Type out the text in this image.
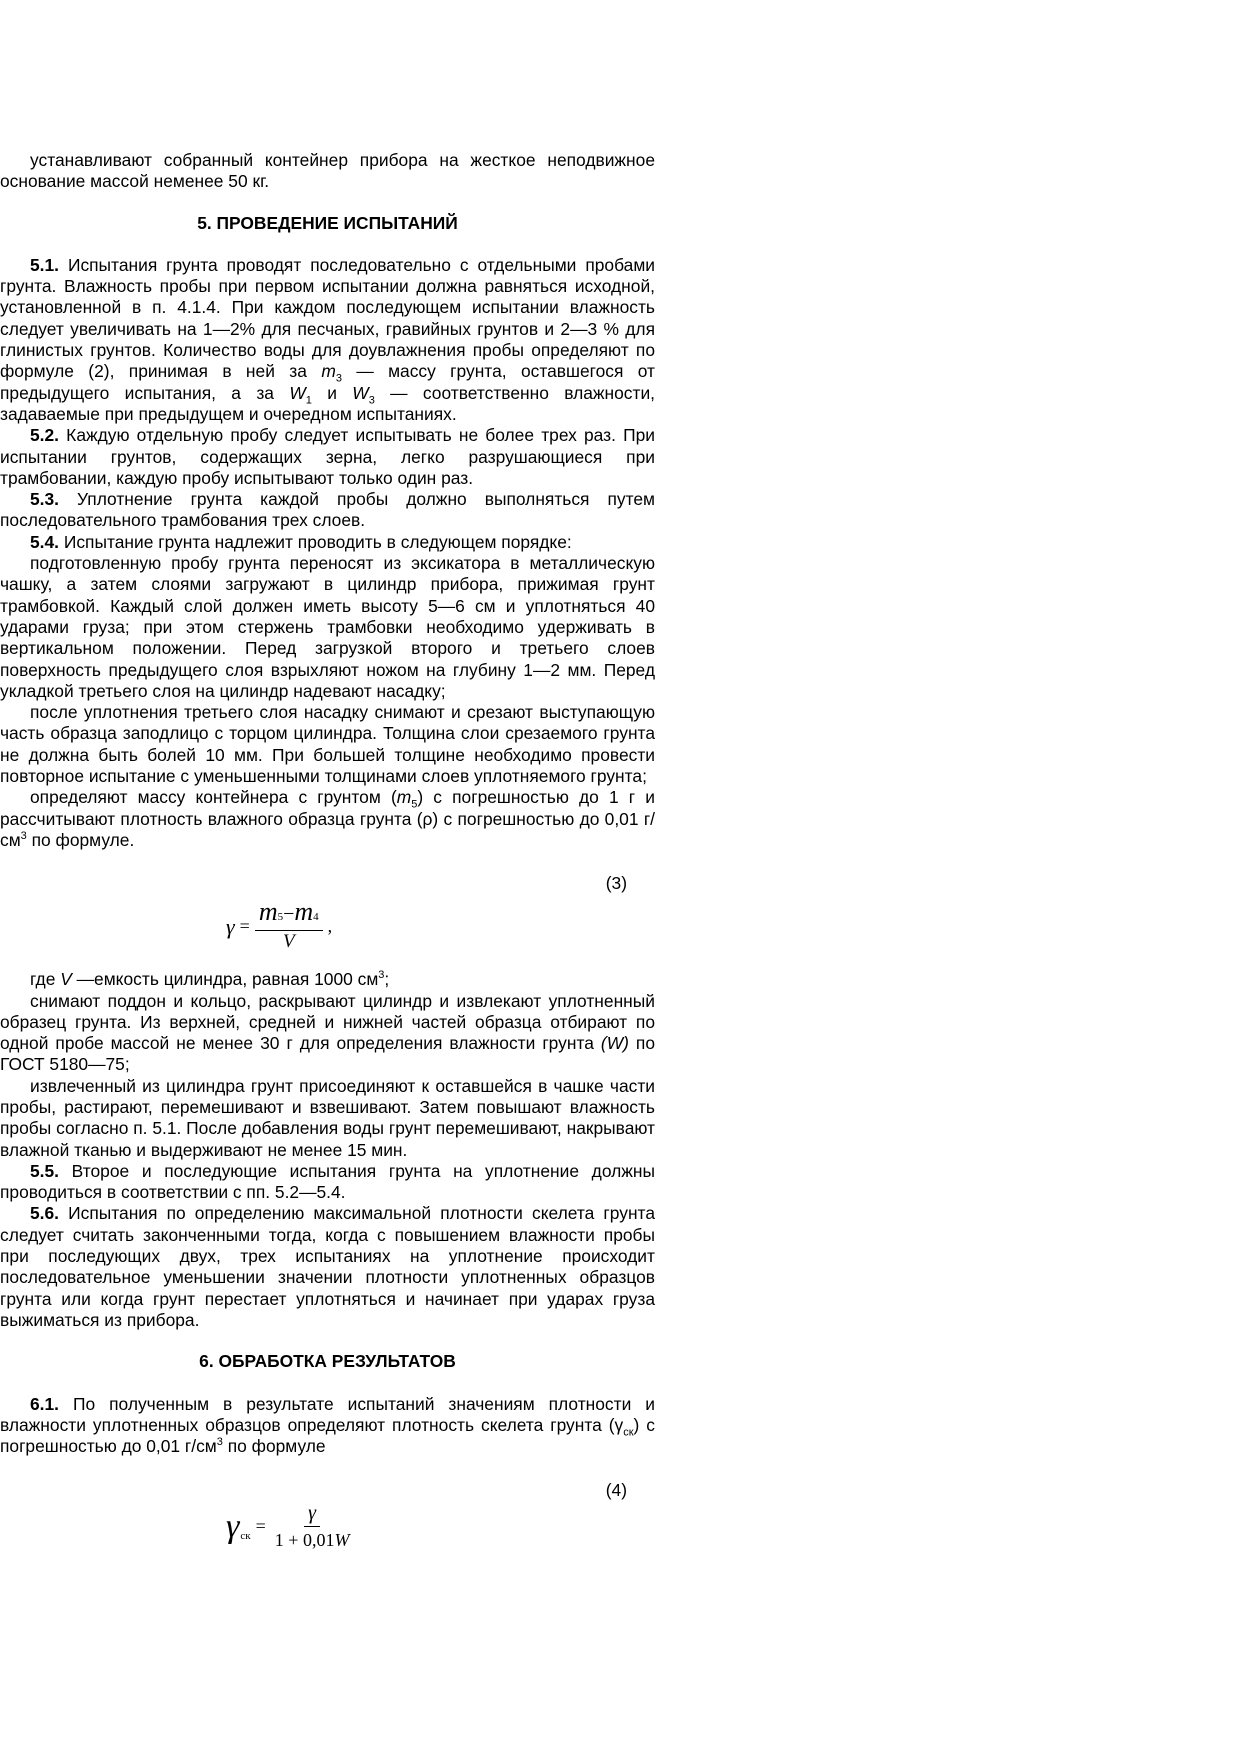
устанавливают собранный контейнер прибора на жесткое неподвижное основание массой неменее 50 кг.

5. ПРОВЕДЕНИЕ ИСПЫТАНИЙ

5.1. Испытания грунта проводят последовательно с отдельными пробами грунта. Влажность пробы при первом испытании должна равняться исходной, установленной в п. 4.1.4. При каждом последующем испытании влажность следует увеличивать на 1—2% для песчаных, гравийных грунтов и 2—3 % для глинистых грунтов. Количество воды для доувлажнения пробы определяют по формуле (2), принимая в ней за $m_3$ — массу грунта, оставшегося от предыдущего испытания, а за $W_1$ и $W_3$ — соответственно влажности, задаваемые при предыдущем и очередном испытаниях.

5.2. Каждую отдельную пробу следует испытывать не более трех раз. При испытании грунтов, содержащих зерна, легко разрушающиеся при трамбовании, каждую пробу испытывают только один раз.

5.3. Уплотнение грунта каждой пробы должно выполняться путем последовательного трамбования трех слоев.

5.4. Испытание грунта надлежит проводить в следующем порядке:

подготовленную пробу грунта переносят из эксикатора в металлическую чашку, а затем слоями загружают в цилиндр прибора, прижимая грунт трамбовкой. Каждый слой должен иметь высоту 5—6 см и уплотняться 40 ударами груза; при этом стержень трамбовки необходимо удерживать в вертикальном положении. Перед загрузкой второго и третьего слоев поверхность предыдущего слоя взрыхляют ножом на глубину 1—2 мм. Перед укладкой третьего слоя на цилиндр надевают насадку;

после уплотнения третьего слоя насадку снимают и срезают выступающую часть образца заподлицо с торцом цилиндра. Толщина слои срезаемого грунта не должна быть болей 10 мм. При большей толщине необходимо провести повторное испытание с уменьшенными толщинами слоев уплотняемого грунта;

определяют массу контейнера с грунтом $(m_5)$ с погрешностью до 1 г и рассчитывают плотность влажного образца грунта (ρ) с погрешностью до 0,01 $г/см^3$ по формуле.

(3)
$\gamma = \frac{m5-m4}{V}$ ,

где V —емкость цилиндра, равная 1000 $см^3$;

снимают поддон и кольцо, раскрывают цилиндр и извлекают уплотненный образец грунта. Из верхней, средней и нижней частей образца отбирают по одной пробе массой не менее 30 г для определения влажности грунта (W) по ГОСТ 5180—75;

извлеченный из цилиндра грунт присоединяют к оставшейся в чашке части пробы, растирают, перемешивают и взвешивают. Затем повышают влажность пробы согласно п. 5.1. После добавления воды грунт перемешивают, накрывают влажной тканью и выдерживают не менее 15 мин.

5.5. Второе и последующие испытания грунта на уплотнение должны проводиться в соответствии с пп. 5.2—5.4.

5.6. Испытания по определению максимальной плотности скелета грунта следует считать законченными тогда, когда с повышением влажности пробы при последующих двух, трех испытаниях на уплотнение происходит последовательное уменьшении значении плотности уплотненных образцов грунта или когда грунт перестает уплотняться и начинает при ударах груза выжиматься из прибора.

6. ОБРАБОТКА РЕЗУЛЬТАТОВ

6.1. По полученным в результате испытаний значениям плотности и влажности уплотненных образцов определяют плотность скелета грунта $(\gamma_{ск})$ с погрешностью до 0,01 $г/см^3$ по формуле

(4)
γ ск = $\frac{\gamma}{1 + 0,01W}$
